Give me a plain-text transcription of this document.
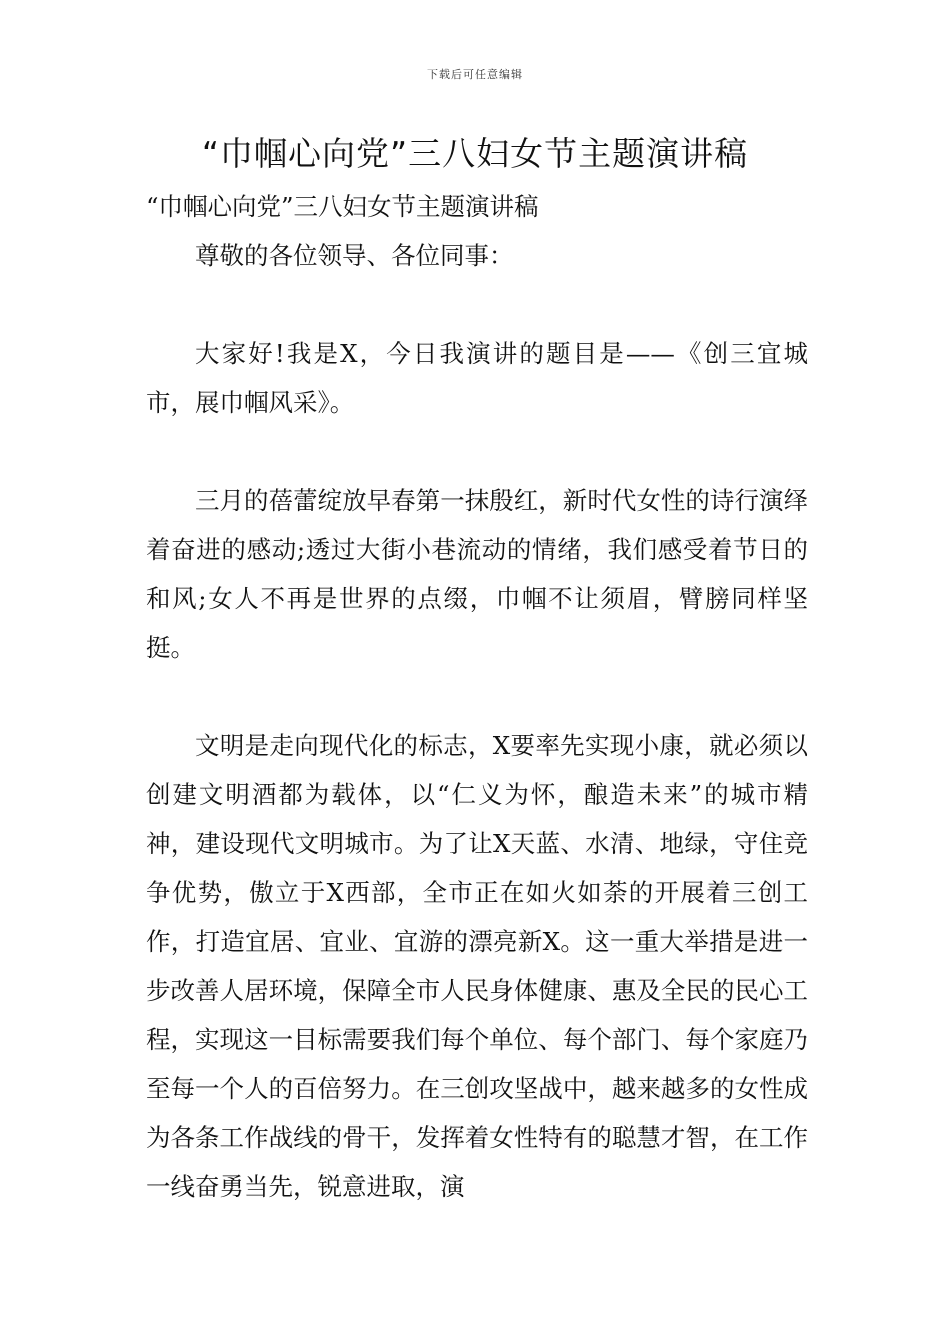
下载后可任意编辑
“巾帼心向党”三八妇女节主题演讲稿

“巾帼心向党”三八妇女节主题演讲稿

尊敬的各位领导、各位同事：

大家好!我是X，今日我演讲的题目是——《创三宜城市，展巾帼风采》。

三月的蓓蕾绽放早春第一抹殷红，新时代女性的诗行演绎着奋进的感动;透过大街小巷流动的情绪，我们感受着节日的和风;女人不再是世界的点缀，巾帼不让须眉，臂膀同样坚挺。

文明是走向现代化的标志，X要率先实现小康，就必须以创建文明酒都为载体，以“仁义为怀，酿造未来”的城市精神，建设现代文明城市。为了让X天蓝、水清、地绿，守住竞争优势，傲立于X西部，全市正在如火如荼的开展着三创工作，打造宜居、宜业、宜游的漂亮新X。这一重大举措是进一步改善人居环境，保障全市人民身体健康、惠及全民的民心工程，实现这一目标需要我们每个单位、每个部门、每个家庭乃至每一个人的百倍努力。在三创攻坚战中，越来越多的女性成为各条工作战线的骨干，发挥着女性特有的聪慧才智，在工作一线奋勇当先，锐意进取，演
